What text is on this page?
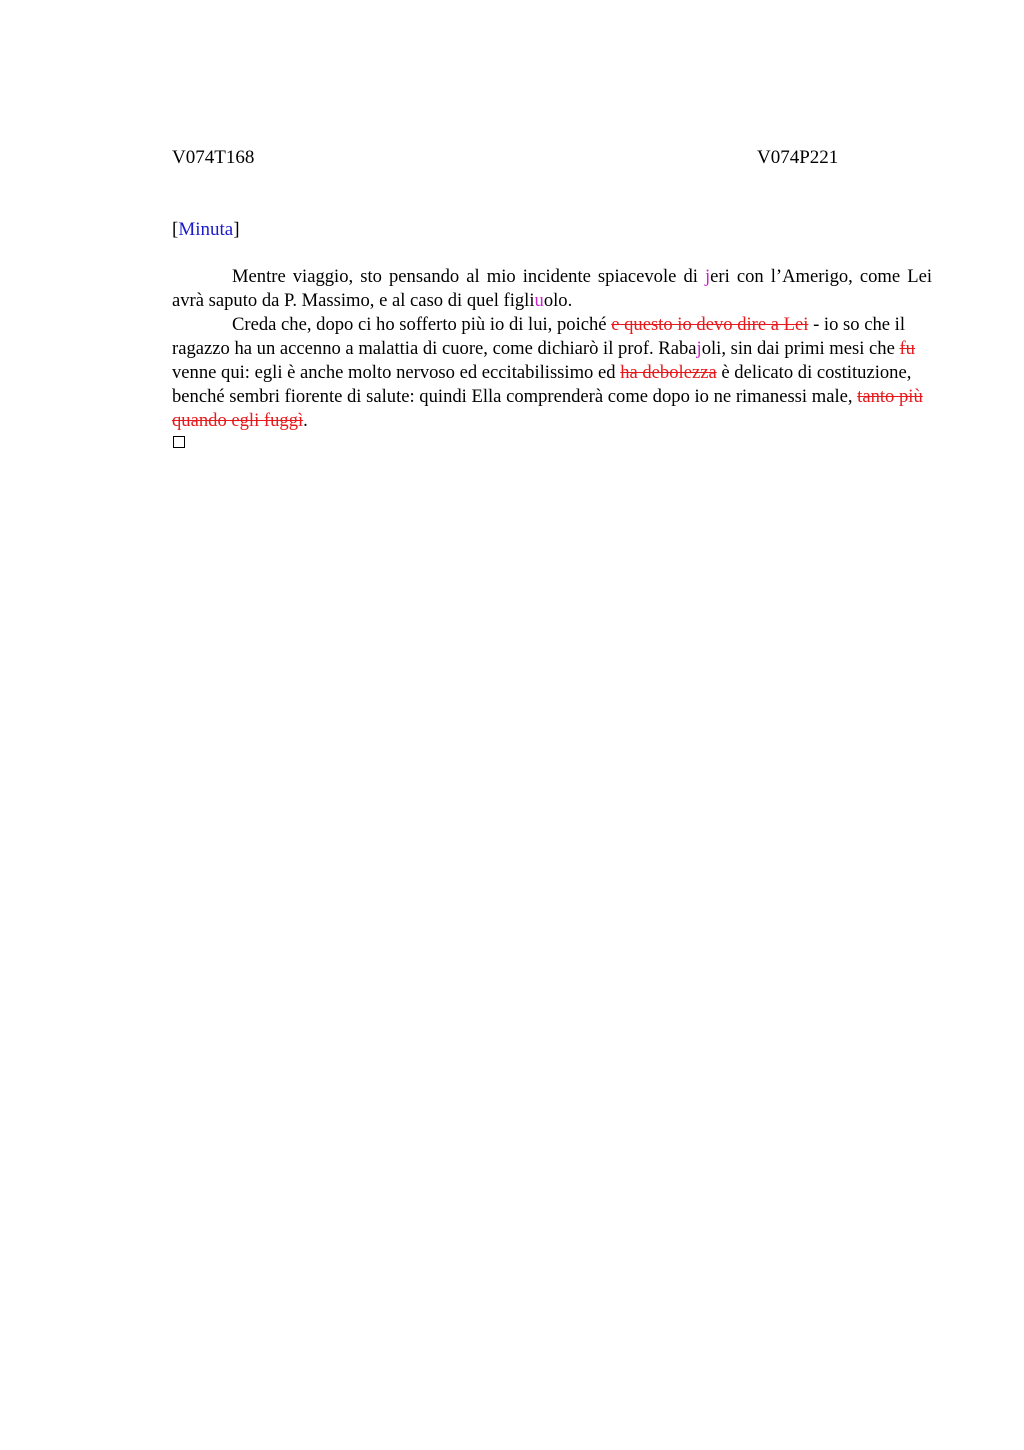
V074T168	V074P221
[Minuta]

Mentre viaggio, sto pensando al mio incidente spiacevole di jeri con l’Amerigo, come Lei avrà saputo da P. Massimo, e al caso di quel figliuolo.

Creda che, dopo ci ho sofferto più io di lui, poiché e questo io devo dire a Lei - io so che il ragazzo ha un accenno a malattia di cuore, come dichiarò il prof. Rabajoli, sin dai primi mesi che fu venne qui: egli è anche molto nervoso ed eccitabilissimo ed ha debolezza è delicato di costituzione, benché sembri fiorente di salute: quindi Ella comprenderà come dopo io ne rimanessi male, tanto più quando egli fuggì.
